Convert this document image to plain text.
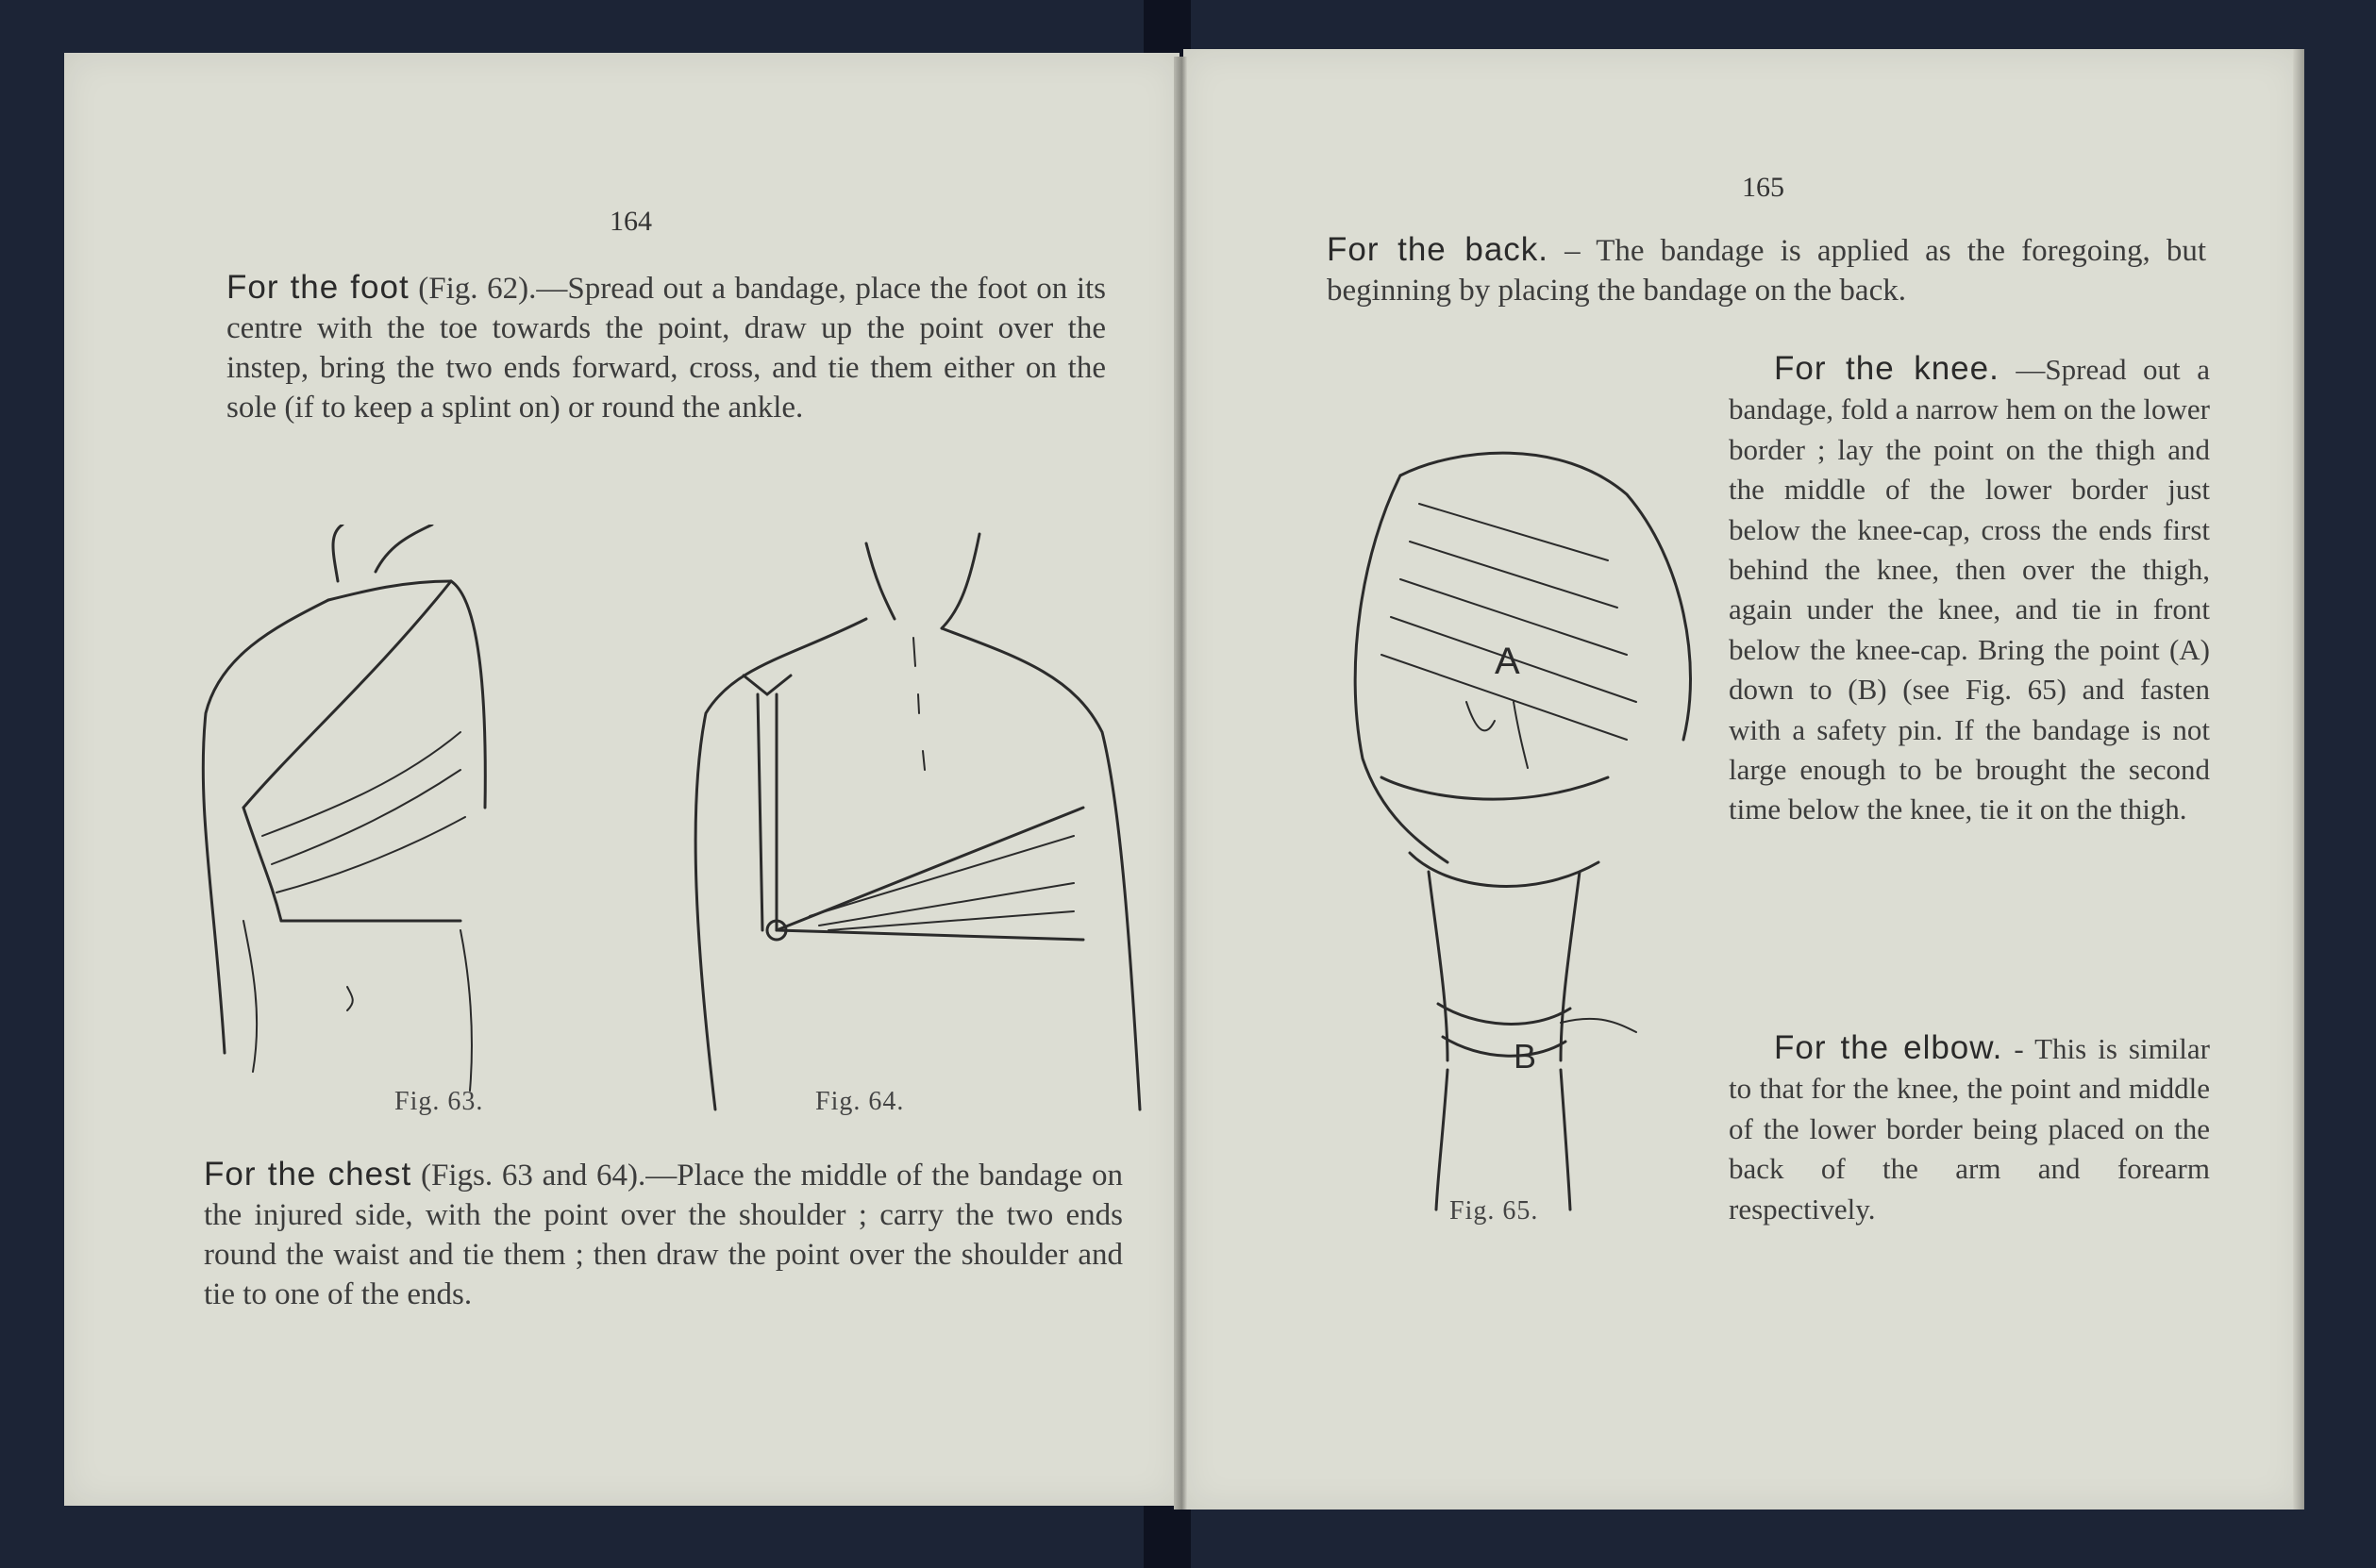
164
For the foot (Fig. 62).—Spread out a bandage, place the foot on its centre with the toe towards the point, draw up the point over the instep, bring the two ends forward, cross, and tie them either on the sole (if to keep a splint on) or round the ankle.
Fig. 63.	Fig. 64.
For the chest (Figs. 63 and 64).—Place the middle of the bandage on the injured side, with the point over the shoulder ; carry the two ends round the waist and tie them ; then draw the point over the shoulder and tie to one of the ends.
165
For the back. – The bandage is applied as the foregoing, but beginning by placing the bandage on the back.
For the knee. —Spread out a bandage, fold a narrow hem on the lower border ; lay the point on the thigh and the middle of the lower border just below the knee-cap, cross the ends first behind the knee, then over the thigh, again under the knee, and tie in front below the knee-cap. Bring the point (A) down to (B) (see Fig. 65) and fasten with a safety pin. If the bandage is not large enough to be brought the second time below the knee, tie it on the thigh.
For the elbow. - This is similar to that for the knee, the point and middle of the lower border being placed on the back of the arm and forearm respectively.
A
B
Fig. 65.
